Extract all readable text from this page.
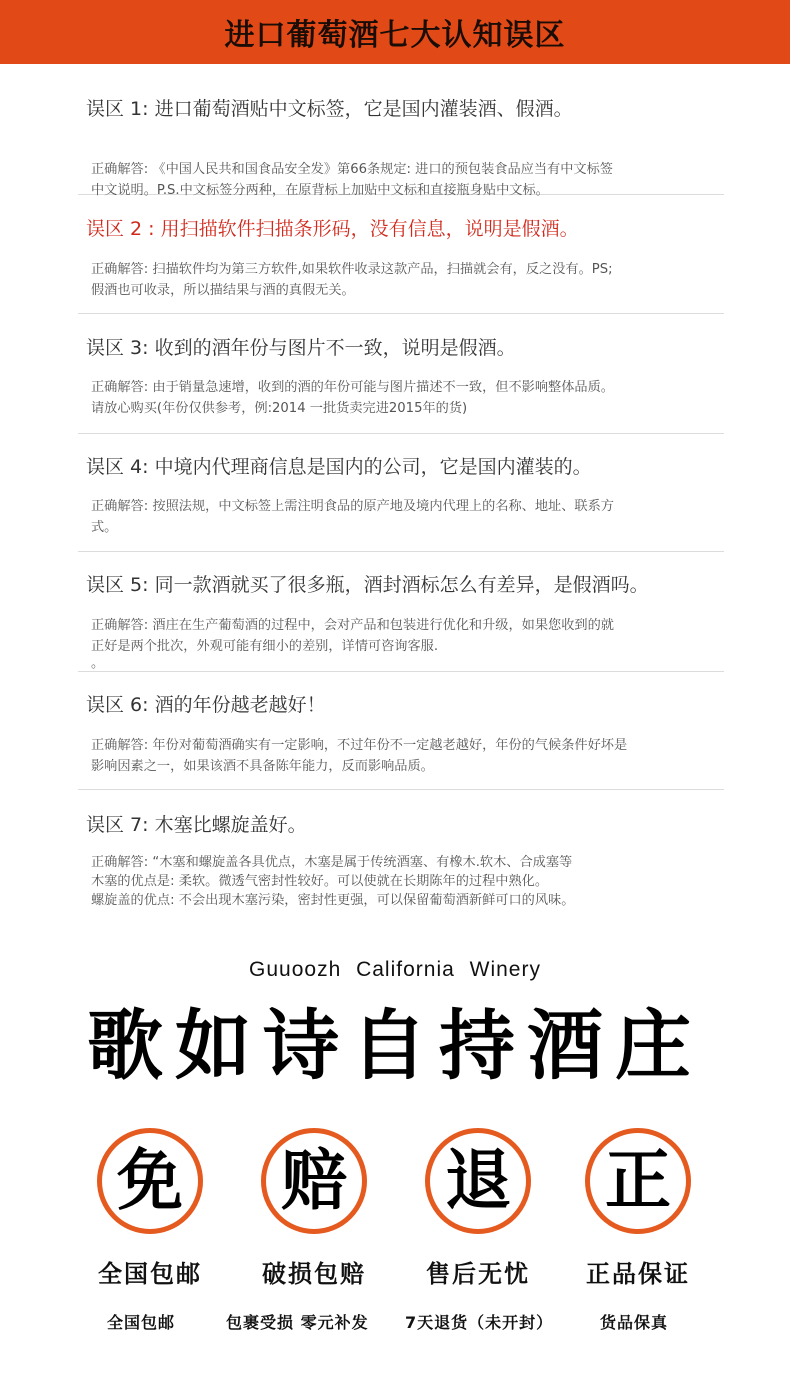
进口葡萄酒七大认知误区
误区 1: 进口葡萄酒贴中文标签，它是国内灌装酒、假酒。
正确解答: 《中国人民共和国食品安全发》第66条规定: 进口的预包装食品应当有中文标签
中文说明。P.S.中文标签分两种，在原背标上加贴中文标和直接瓶身贴中文标。
误区 2 : 用扫描软件扫描条形码，没有信息，说明是假酒。
正确解答: 扫描软件均为第三方软件,如果软件收录这款产品，扫描就会有，反之没有。PS;
假酒也可收录，所以描结果与酒的真假无关。
误区 3: 收到的酒年份与图片不一致，说明是假酒。
正确解答: 由于销量急速增，收到的酒的年份可能与图片描述不一致，但不影响整体品质。
请放心购买(年份仅供参考，例:2014 一批货卖完进2015年的货)
误区 4: 中境内代理商信息是国内的公司，它是国内灌装的。
正确解答: 按照法规，中文标签上需注明食品的原产地及境内代理上的名称、地址、联系方
式。
误区 5: 同一款酒就买了很多瓶，酒封酒标怎么有差异，是假酒吗。
正确解答: 酒庄在生产葡萄酒的过程中，会对产品和包装进行优化和升级，如果您收到的就
正好是两个批次，外观可能有细小的差别，详情可咨询客服.
。
误区 6: 酒的年份越老越好！
正确解答: 年份对葡萄酒确实有一定影响，不过年份不一定越老越好，年份的气候条件好坏是
影响因素之一，如果该酒不具备陈年能力，反而影响品质。
误区 7: 木塞比螺旋盖好。
正确解答: “木塞和螺旋盖各具优点，木塞是属于传统酒塞、有橡木.软木、合成塞等
木塞的优点是: 柔软。微透气密封性较好。可以使就在长期陈年的过程中熟化。
螺旋盖的优点: 不会出现木塞污染，密封性更强，可以保留葡萄酒新鲜可口的风味。
Guuoozh California Winery
歌如诗自持酒庄
免
全国包邮
赔
破损包赔
退
售后无忧
正
正品保证
全国包邮	包裹受损 零元补发 7天退货（未开封）	货品保真
